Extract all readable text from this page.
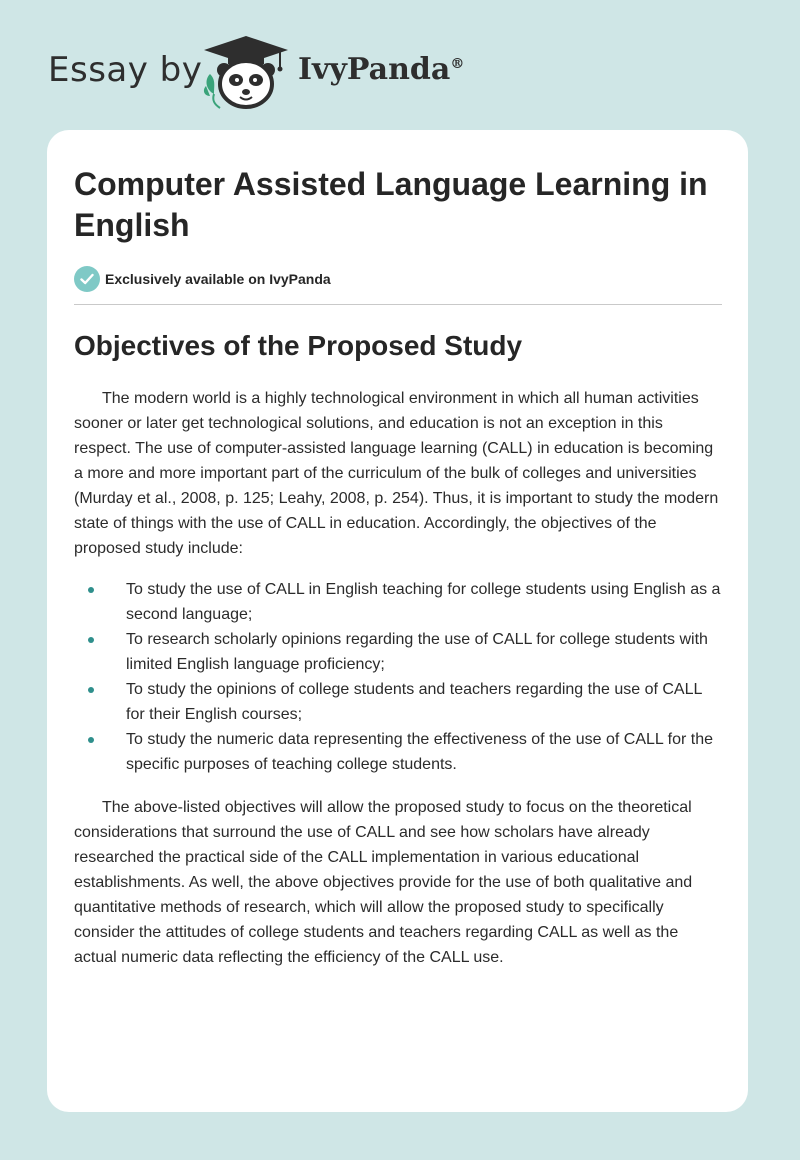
Essay by	IvyPanda®
Computer Assisted Language Learning in English
Exclusively available on IvyPanda
Objectives of the Proposed Study

The modern world is a highly technological environment in which all human activities sooner or later get technological solutions, and education is not an exception in this respect. The use of computer-assisted language learning (CALL) in education is becoming a more and more important part of the curriculum of the bulk of colleges and universities (Murday et al., 2008, p. 125; Leahy, 2008, p. 254). Thus, it is important to study the modern state of things with the use of CALL in education. Accordingly, the objectives of the proposed study include:

To study the use of CALL in English teaching for college students using English as a second language;
To research scholarly opinions regarding the use of CALL for college students with limited English language proficiency;
To study the opinions of college students and teachers regarding the use of CALL for their English courses;
To study the numeric data representing the effectiveness of the use of CALL for the specific purposes of teaching college students.

The above-listed objectives will allow the proposed study to focus on the theoretical considerations that surround the use of CALL and see how scholars have already researched the practical side of the CALL implementation in various educational establishments. As well, the above objectives provide for the use of both qualitative and quantitative methods of research, which will allow the proposed study to specifically consider the attitudes of college students and teachers regarding CALL as well as the actual numeric data reflecting the efficiency of the CALL use.
